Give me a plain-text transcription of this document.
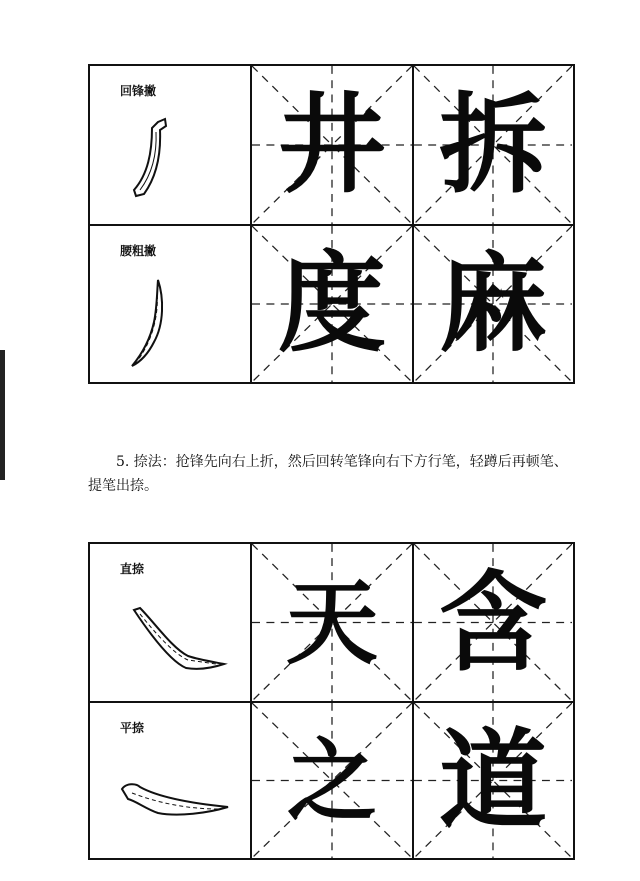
回锋撇 井 拆
腰粗撇 度 麻

5. 捺法：抢锋先向右上折，然后回转笔锋向右下方行笔，轻蹲后再顿笔、提笔出捺。

直捺	天 含
平捺	之 道
